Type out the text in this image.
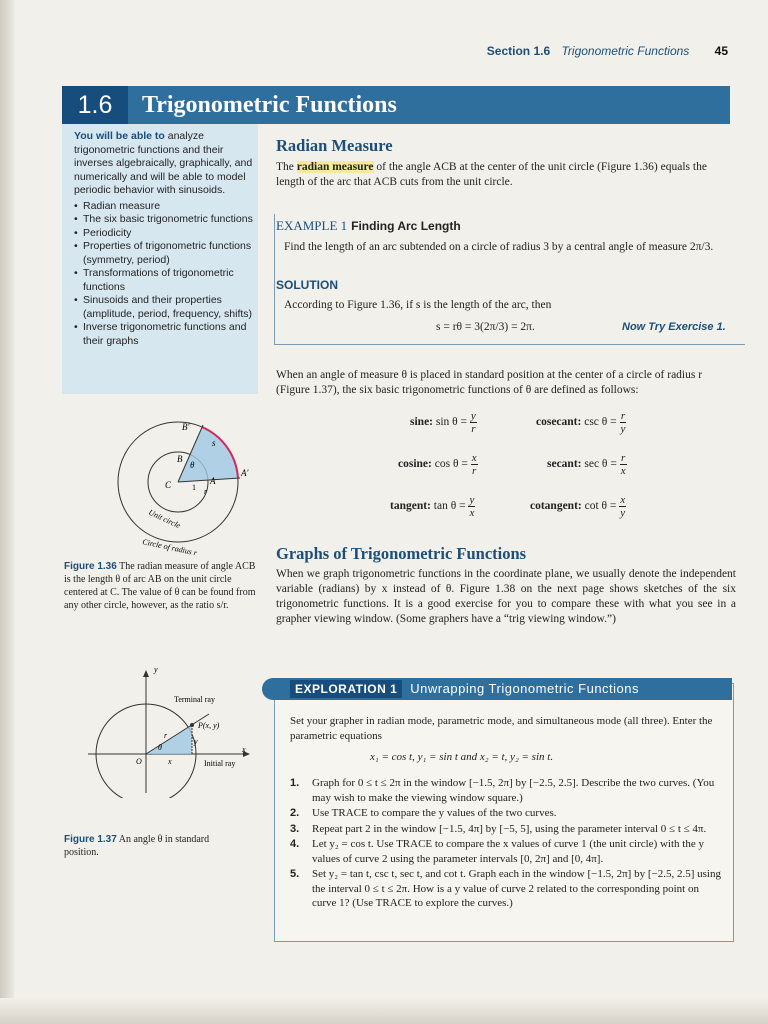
Section 1.6 Trigonometric Functions 45
1.6	Trigonometric Functions
You will be able to analyze trigonometric functions and their inverses algebraically, graphically, and numerically and will be able to model periodic behavior with sinusoids.
• Radian measure
• The six basic trigonometric functions
• Periodicity
• Properties of trigonometric functions (symmetry, period)
• Transformations of trigonometric functions
• Sinusoids and their properties (amplitude, period, frequency, shifts)
• Inverse trigonometric functions and their graphs
B'
B
θ
s
C	A
A'
1 r
Unit circle
Circle of radius r
Figure 1.36 The radian measure of angle ACB is the length θ of arc AB on the unit circle centered at C. The value of θ can be found from any other circle, however, as the ratio s/r.
y
x
Terminal ray
P(x, y)
r
θ
y
O	x	Initial ray
Figure 1.37 An angle θ in standard position.
Radian Measure
The radian measure of the angle ACB at the center of the unit circle (Figure 1.36) equals the length of the arc that ACB cuts from the unit circle.
EXAMPLE 1 Finding Arc Length
Find the length of an arc subtended on a circle of radius 3 by a central angle of measure 2π/3.
SOLUTION
According to Figure 1.36, if s is the length of the arc, then
s = rθ = 3(2π/3) = 2π.	Now Try Exercise 1.
When an angle of measure θ is placed in standard position at the center of a circle of radius r (Figure 1.37), the six basic trigonometric functions of θ are defined as follows:
sine: $\sin \theta = \frac{y}{r}$	cosecant: $\csc \theta = \frac{r}{y}$
cosine: $\cos \theta = \frac{x}{r}$	secant: $\sec \theta = \frac{r}{x}$
tangent: $\tan \theta = \frac{y}{x}$	cotangent: $\cot \theta = \frac{x}{y}$
Graphs of Trigonometric Functions
When we graph trigonometric functions in the coordinate plane, we usually denote the independent variable (radians) by x instead of θ. Figure 1.38 on the next page shows sketches of the six trigonometric functions. It is a good exercise for you to compare these with what you see in a grapher viewing window. (Some graphers have a “trig viewing window.”)
EXPLORATION 1 Unwrapping Trigonometric Functions
Set your grapher in radian mode, parametric mode, and simultaneous mode (all three). Enter the parametric equations
x₁ = cos t, y₁ = sin t and x₂ = t, y₂ = sin t.
1. Graph for 0 ≤ t ≤ 2π in the window [−1.5, 2π] by [−2.5, 2.5]. Describe the two curves. (You may wish to make the viewing window square.)
2. Use TRACE to compare the y values of the two curves.
3. Repeat part 2 in the window [−1.5, 4π] by [−5, 5], using the parameter interval 0 ≤ t ≤ 4π.
4. Let y₂ = cos t. Use TRACE to compare the x values of curve 1 (the unit circle) with the y values of curve 2 using the parameter intervals [0, 2π] and [0, 4π].
5. Set y₂ = tan t, csc t, sec t, and cot t. Graph each in the window [−1.5, 2π] by [−2.5, 2.5] using the interval 0 ≤ t ≤ 2π. How is a y value of curve 2 related to the corresponding point on curve 1? (Use TRACE to explore the curves.)
